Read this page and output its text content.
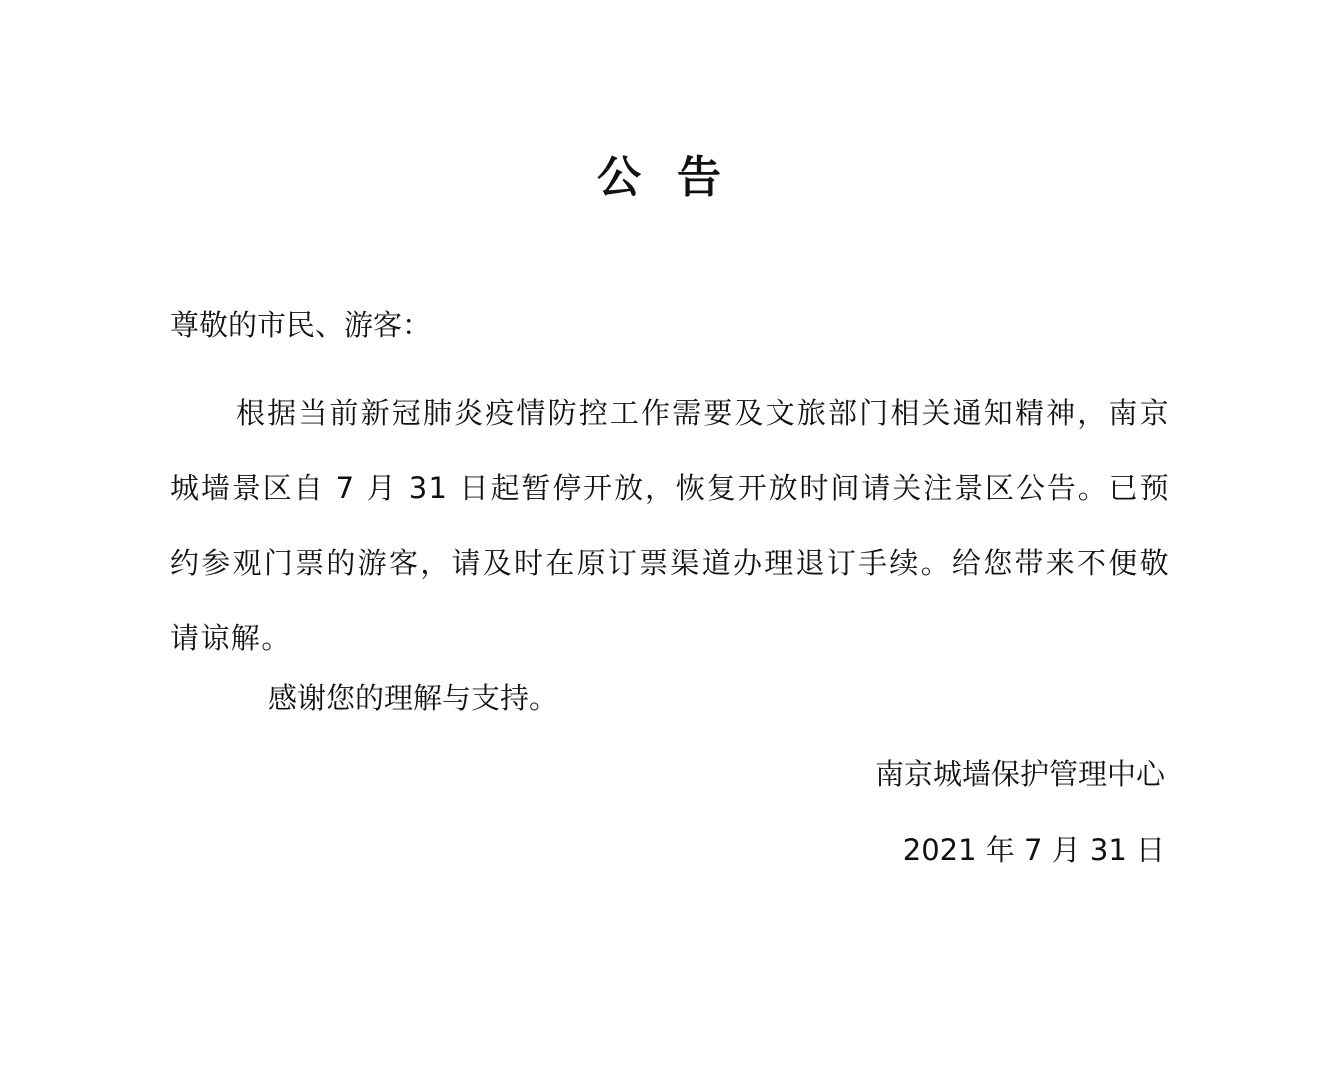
公告
尊敬的市民、游客：
根据当前新冠肺炎疫情防控工作需要及文旅部门相关通知精神，南京城墙景区自 7 月 31 日起暂停开放，恢复开放时间请关注景区公告。已预约参观门票的游客，请及时在原订票渠道办理退订手续。给您带来不便敬请谅解。
感谢您的理解与支持。
南京城墙保护管理中心
2021 年 7 月 31 日
